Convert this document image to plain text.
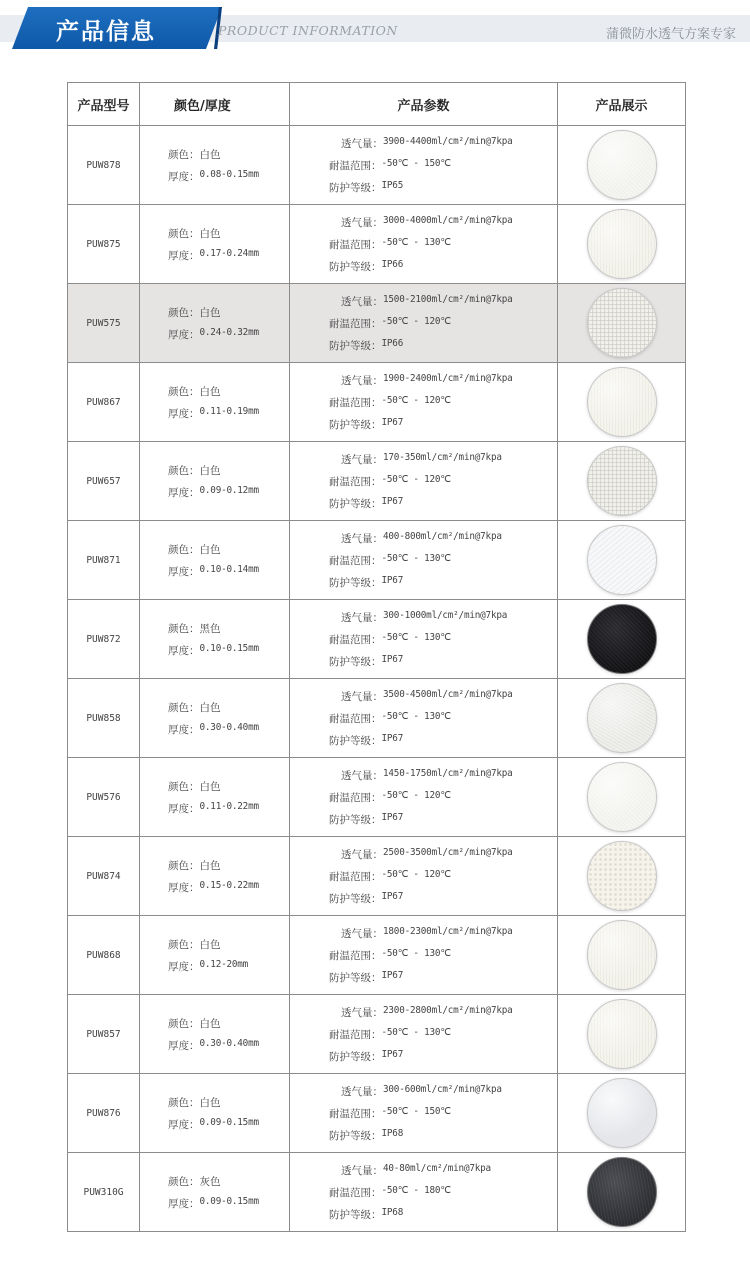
产品信息	PRODUCT INFORMATION	蒲微防水透气方案专家
产品型号	颜色/厚度	产品参数	产品展示
PUW878
颜色： 白色
厚度： 0.08-0.15mm
透气量： 3900-4400ml/cm²/min@7kpa
耐温范围： -50℃ - 150℃
防护等级： IP65
PUW875
颜色： 白色
厚度： 0.17-0.24mm
透气量： 3000-4000ml/cm²/min@7kpa
耐温范围： -50℃ - 130℃
防护等级： IP66
PUW575
颜色： 白色
厚度： 0.24-0.32mm
透气量： 1500-2100ml/cm²/min@7kpa
耐温范围： -50℃ - 120℃
防护等级： IP66
PUW867
颜色： 白色
厚度： 0.11-0.19mm
透气量： 1900-2400ml/cm²/min@7kpa
耐温范围： -50℃ - 120℃
防护等级： IP67
PUW657
颜色： 白色
厚度： 0.09-0.12mm
透气量： 170-350ml/cm²/min@7kpa
耐温范围： -50℃ - 120℃
防护等级： IP67
PUW871
颜色： 白色
厚度： 0.10-0.14mm
透气量： 400-800ml/cm²/min@7kpa
耐温范围： -50℃ - 130℃
防护等级： IP67
PUW872
颜色： 黑色
厚度： 0.10-0.15mm
透气量： 300-1000ml/cm²/min@7kpa
耐温范围： -50℃ - 130℃
防护等级： IP67
PUW858
颜色： 白色
厚度： 0.30-0.40mm
透气量： 3500-4500ml/cm²/min@7kpa
耐温范围： -50℃ - 130℃
防护等级： IP67
PUW576
颜色： 白色
厚度： 0.11-0.22mm
透气量： 1450-1750ml/cm²/min@7kpa
耐温范围： -50℃ - 120℃
防护等级： IP67
PUW874
颜色： 白色
厚度： 0.15-0.22mm
透气量： 2500-3500ml/cm²/min@7kpa
耐温范围： -50℃ - 120℃
防护等级： IP67
PUW868
颜色： 白色
厚度： 0.12-20mm
透气量： 1800-2300ml/cm²/min@7kpa
耐温范围： -50℃ - 130℃
防护等级： IP67
PUW857
颜色： 白色
厚度： 0.30-0.40mm
透气量： 2300-2800ml/cm²/min@7kpa
耐温范围： -50℃ - 130℃
防护等级： IP67
PUW876
颜色： 白色
厚度： 0.09-0.15mm
透气量： 300-600ml/cm²/min@7kpa
耐温范围： -50℃ - 150℃
防护等级： IP68
PUW310G
颜色： 灰色
厚度： 0.09-0.15mm
透气量： 40-80ml/cm²/min@7kpa
耐温范围： -50℃ - 180℃
防护等级： IP68
